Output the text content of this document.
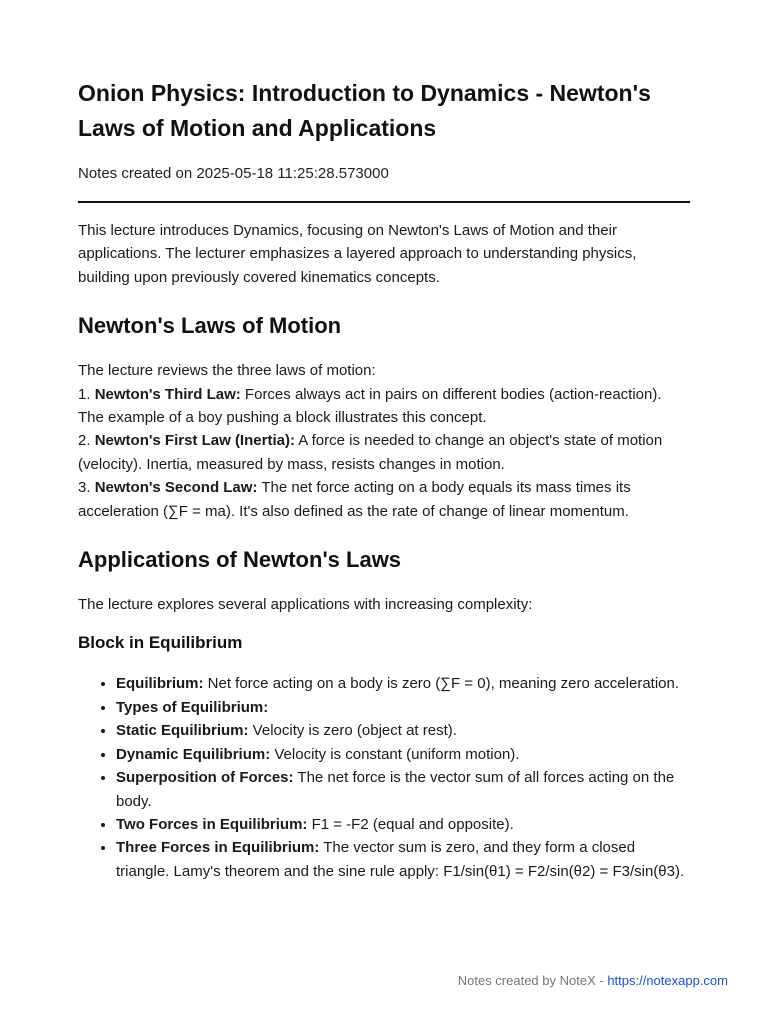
Onion Physics: Introduction to Dynamics - Newton's Laws of Motion and Applications
Notes created on 2025-05-18 11:25:28.573000

This lecture introduces Dynamics, focusing on Newton's Laws of Motion and their applications. The lecturer emphasizes a layered approach to understanding physics, building upon previously covered kinematics concepts.

Newton's Laws of Motion

The lecture reviews the three laws of motion:
1. Newton's Third Law: Forces always act in pairs on different bodies (action-reaction). The example of a boy pushing a block illustrates this concept.
2. Newton's First Law (Inertia): A force is needed to change an object's state of motion (velocity). Inertia, measured by mass, resists changes in motion.
3. Newton's Second Law: The net force acting on a body equals its mass times its acceleration (∑F = ma). It's also defined as the rate of change of linear momentum.

Applications of Newton's Laws

The lecture explores several applications with increasing complexity:

Block in Equilibrium
• Equilibrium: Net force acting on a body is zero (∑F = 0), meaning zero acceleration.
• Types of Equilibrium:
• Static Equilibrium: Velocity is zero (object at rest).
• Dynamic Equilibrium: Velocity is constant (uniform motion).
• Superposition of Forces: The net force is the vector sum of all forces acting on the body.
• Two Forces in Equilibrium: F1 = -F2 (equal and opposite).
• Three Forces in Equilibrium: The vector sum is zero, and they form a closed triangle. Lamy's theorem and the sine rule apply: F1/sin(θ1) = F2/sin(θ2) = F3/sin(θ3).
Notes created by NoteX - https://notexapp.com
